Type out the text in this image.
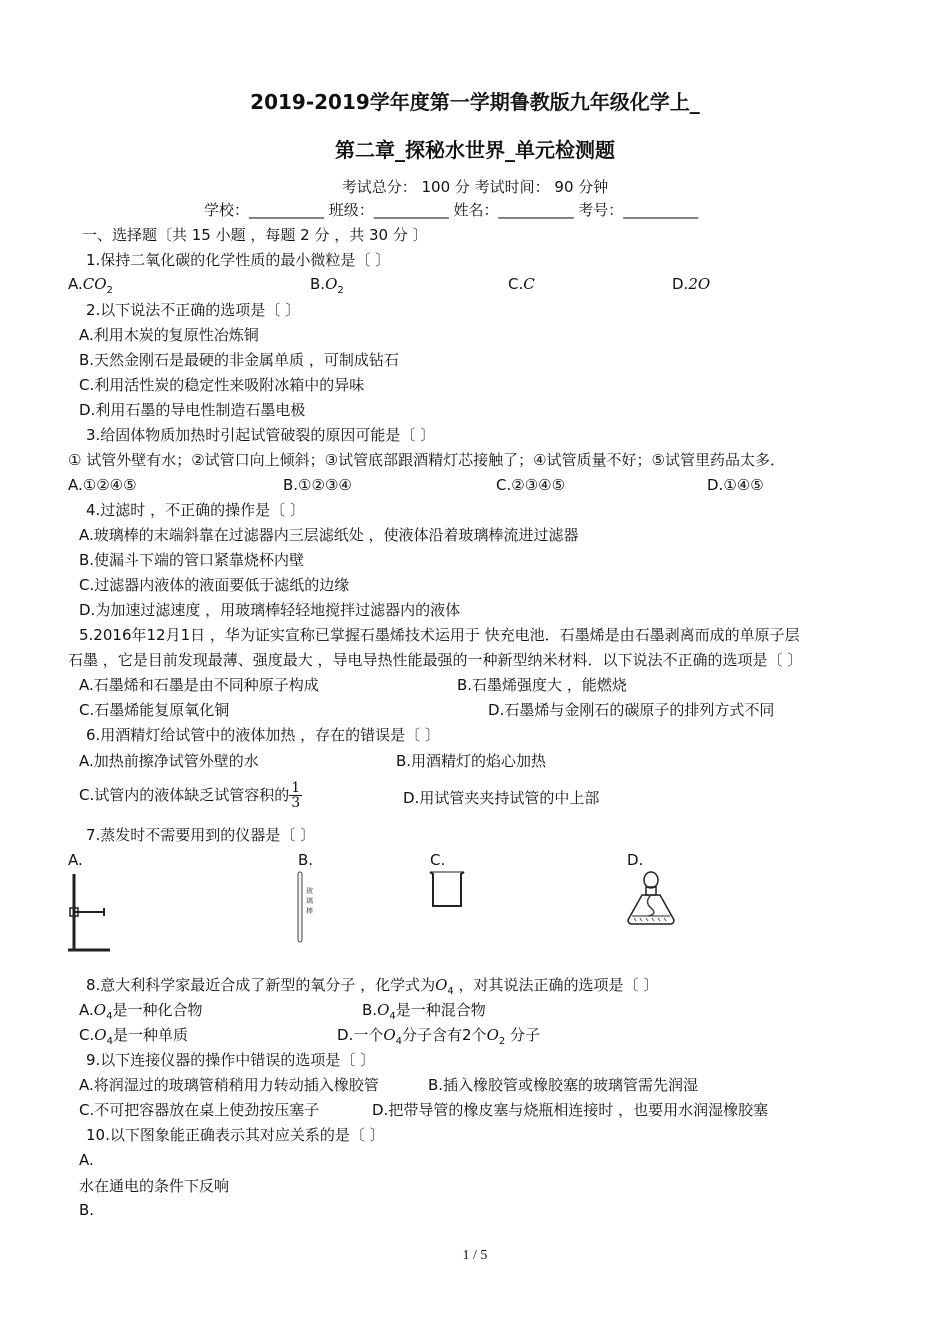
2019-2019学年度第一学期鲁教版九年级化学上_
第二章_探秘水世界_单元检测题
考试总分： 100 分 考试时间： 90 分钟
学校：__________ 班级：__________ 姓名：__________ 考号：__________
一、选择题〔共 15 小题 ，每题 2 分 ，共 30 分 〕
1.保持二氧化碳的化学性质的最小微粒是〔 〕
$A.CO_2$	$B.O_2$	C.C	D.2O
2.以下说法不正确的选项是〔 〕
A.利用木炭的复原性冶炼铜
B.天然金刚石是最硬的非金属单质 ，可制成钻石
C.利用活性炭的稳定性来吸附冰箱中的异味
D.利用石墨的导电性制造石墨电极
3.给固体物质加热时引起试管破裂的原因可能是〔 〕
① 试管外壁有水；②试管口向上倾斜；③试管底部跟酒精灯芯接触了；④试管质量不好；⑤试管里药品太多．
A.①②④⑤	B.①②③④	C.②③④⑤	D.①④⑤
4.过滤时 ，不正确的操作是〔 〕
A.玻璃棒的末端斜靠在过滤器内三层滤纸处 ，使液体沿着玻璃棒流进过滤器
B.使漏斗下端的管口紧靠烧杯内壁
C.过滤器内液体的液面要低于滤纸的边缘
D.为加速过滤速度 ，用玻璃棒轻轻地搅拌过滤器内的液体
5.2016年12月1日 ，华为证实宣称已掌握石墨烯技术运用于 快充电池．石墨烯是由石墨剥离而成的单原子层
石墨 ，它是目前发现最薄、强度最大 ，导电导热性能最强的一种新型纳米材料．以下说法不正确的选项是〔 〕
A.石墨烯和石墨是由不同种原子构成	B.石墨烯强度大 ，能燃烧
C.石墨烯能复原氧化铜	D.石墨烯与金刚石的碳原子的排列方式不同
6.用酒精灯给试管中的液体加热 ，存在的错误是〔 〕
A.加热前擦净试管外壁的水	B.用酒精灯的焰心加热
C.试管内的液体缺乏试管容积的 $\frac{1}{3}$	D.用试管夹夹持试管的中上部
7.蒸发时不需要用到的仪器是〔 〕
A.	B.	C.	D.
玻璃棒
8.意大利科学家最近合成了新型的氧分子 ，化学式为$O_4$ ，对其说法正确的选项是〔 〕
$A.O_4$是一种化合物	$B.O_4$是一种混合物
$C.O_4$是一种单质	D.一个$O_4$分子含有2个$O_2$ 分子
9.以下连接仪器的操作中错误的选项是〔 〕
A.将润湿过的玻璃管稍稍用力转动插入橡胶管	B.插入橡胶管或橡胶塞的玻璃管需先润湿
C.不可把容器放在桌上使劲按压塞子	D.把带导管的橡皮塞与烧瓶相连接时 ，也要用水润湿橡胶塞
10.以下图象能正确表示其对应关系的是〔 〕
A.
水在通电的条件下反响
B.
1 / 5
